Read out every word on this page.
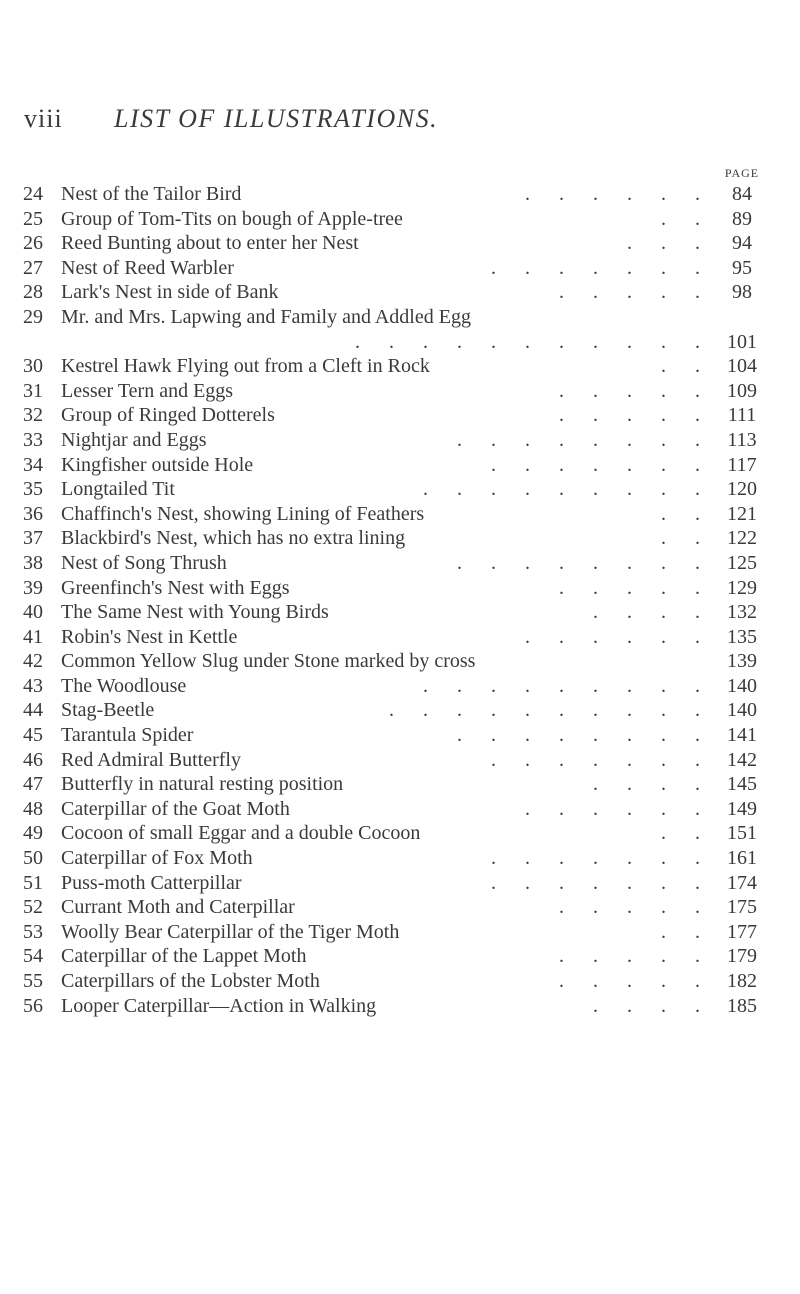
viii LIST OF ILLUSTRATIONS.
PAGE
24 Nest of the Tailor Bird	. . . . . .	84
25 Group of Tom-Tits on bough of Apple-tree	. .	89
26 Reed Bunting about to enter her Nest	. . .	94
27 Nest of Reed Warbler	. . . . . . .	95
28 Lark's Nest in side of Bank	. . . . .	98
29 Mr. and Mrs. Lapwing and Family and Addled Egg
. . . . . . . . . . . 101
30 Kestrel Hawk Flying out from a Cleft in Rock	. . 104
31 Lesser Tern and Eggs	. . . . . 109
32 Group of Ringed Dotterels	. . . . . 111
33 Nightjar and Eggs	. . . . . . . . 113
34 Kingfisher outside Hole	. . . . . . . 117
35 Longtailed Tit	. . . . . . . . . 120
36 Chaffinch's Nest, showing Lining of Feathers	. . 121
37 Blackbird's Nest, which has no extra lining	. . 122
38 Nest of Song Thrush	. . . . . . . . 125
39 Greenfinch's Nest with Eggs	. . . . . 129
40 The Same Nest with Young Birds	. . . . 132
41 Robin's Nest in Kettle	. . . . . . 135
42 Common Yellow Slug under Stone marked by cross	139
43 The Woodlouse	. . . . . . . . . 140
44 Stag-Beetle	. . . . . . . . . . 140
45 Tarantula Spider	. . . . . . . . 141
46 Red Admiral Butterfly	. . . . . . . 142
47 Butterfly in natural resting position	. . . . 145
48 Caterpillar of the Goat Moth	. . . . . . 149
49 Cocoon of small Eggar and a double Cocoon	. . 151
50 Caterpillar of Fox Moth	. . . . . . . 161
51 Puss-moth Catterpillar	. . . . . . . 174
52 Currant Moth and Caterpillar	. . . . . 175
53 Woolly Bear Caterpillar of the Tiger Moth	. . 177
54 Caterpillar of the Lappet Moth	. . . . . 179
55 Caterpillars of the Lobster Moth	. . . . . 182
56 Looper Caterpillar—Action in Walking	. . . . 185
